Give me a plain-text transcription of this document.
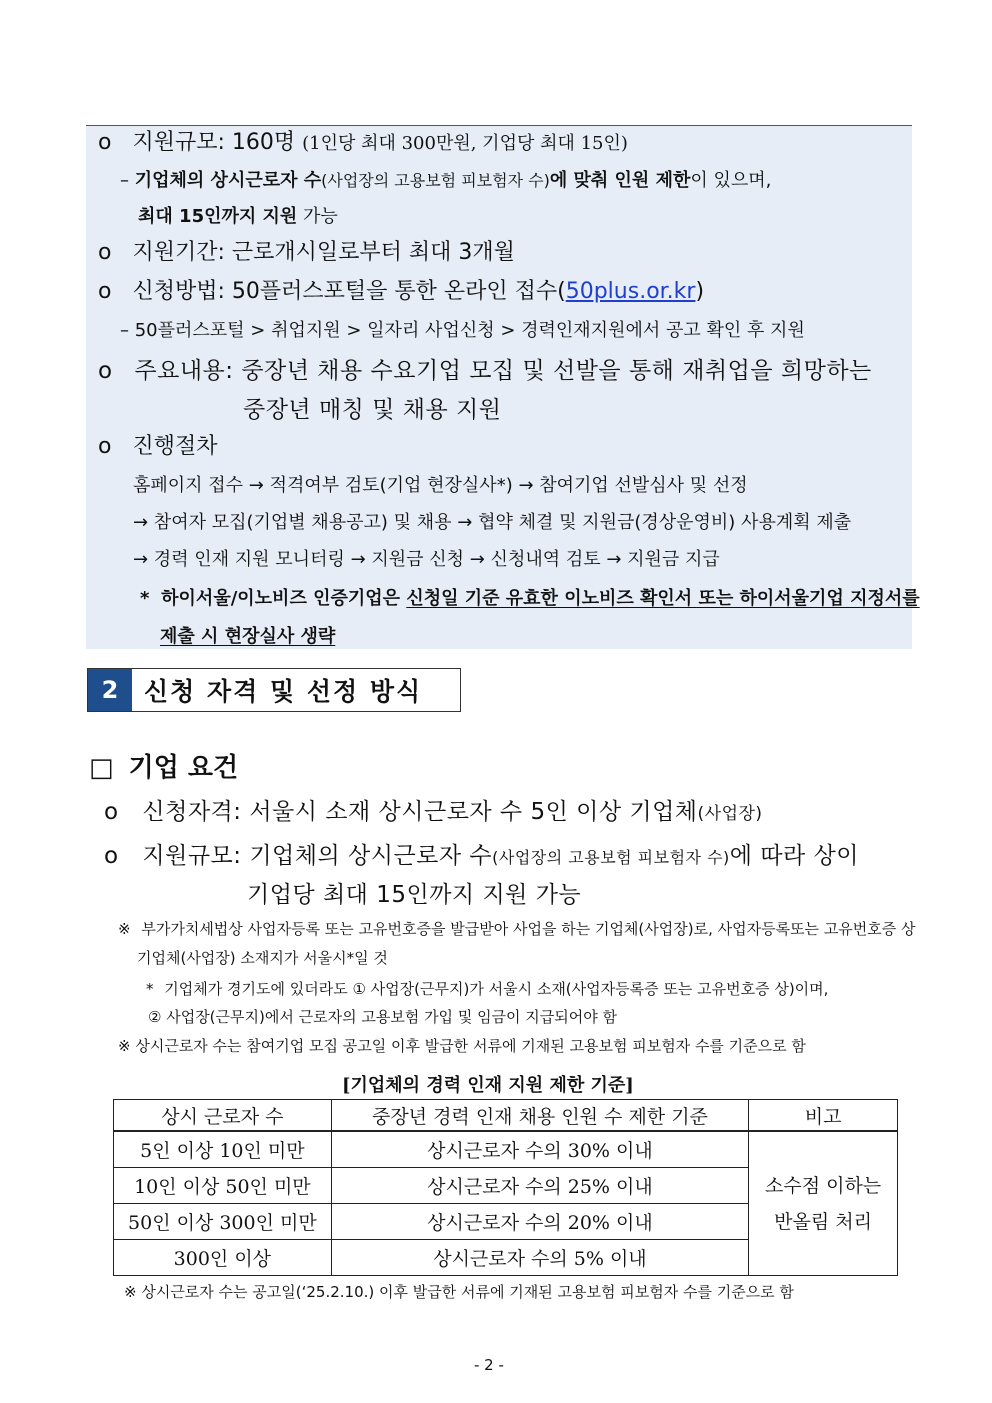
o 지원규모: 160명 (1인당 최대 300만원, 기업당 최대 15인)
– 기업체의 상시근로자 수(사업장의 고용보험 피보험자 수)에 맞춰 인원 제한이 있으며,
최대 15인까지 지원 가능
o 지원기간: 근로개시일로부터 최대 3개월
o 신청방법: 50플러스포털을 통한 온라인 접수(50plus.or.kr)
– 50플러스포털 > 취업지원 > 일자리 사업신청 > 경력인재지원에서 공고 확인 후 지원
o 주요내용: 중장년 채용 수요기업 모집 및 선발을 통해 재취업을 희망하는
중장년 매칭 및 채용 지원
o 진행절차
홈페이지 접수 → 적격여부 검토(기업 현장실사*) → 참여기업 선발심사 및 선정
→ 참여자 모집(기업별 채용공고) 및 채용 → 협약 체결 및 지원금(경상운영비) 사용계획 제출
→ 경력 인재 지원 모니터링 → 지원금 신청 → 신청내역 검토 → 지원금 지급
* 하이서울/이노비즈 인증기업은 신청일 기준 유효한 이노비즈 확인서 또는 하이서울기업 지정서를
제출 시 현장실사 생략
2	신청 자격 및 선정 방식
□ 기업 요건
o 신청자격: 서울시 소재 상시근로자 수 5인 이상 기업체(사업장)
o 지원규모: 기업체의 상시근로자 수(사업장의 고용보험 피보험자 수)에 따라 상이
기업당 최대 15인까지 지원 가능
※ 부가가치세법상 사업자등록 또는 고유번호증을 발급받아 사업을 하는 기업체(사업장)로, 사업자등록또는 고유번호증 상
기업체(사업장) 소재지가 서울시*일 것
* 기업체가 경기도에 있더라도 ① 사업장(근무지)가 서울시 소재(사업자등록증 또는 고유번호증 상)이며,
② 사업장(근무지)에서 근로자의 고용보험 가입 및 임금이 지급되어야 함
※ 상시근로자 수는 참여기업 모집 공고일 이후 발급한 서류에 기재된 고용보험 피보험자 수를 기준으로 함
[기업체의 경력 인재 지원 제한 기준]
상시 근로자 수	중장년 경력 인재 채용 인원 수 제한 기준	비고
5인 이상 10인 미만	상시근로자 수의 30% 이내	소수점 이하는
반올림 처리

10인 이상 50인 미만	상시근로자 수의 25% 이내	
50인 이상 300인 미만	상시근로자 수의 20% 이내	
300인 이상	상시근로자 수의 5% 이내	
※ 상시근로자 수는 공고일(‘25.2.10.) 이후 발급한 서류에 기재된 고용보험 피보험자 수를 기준으로 함
- 2 -
